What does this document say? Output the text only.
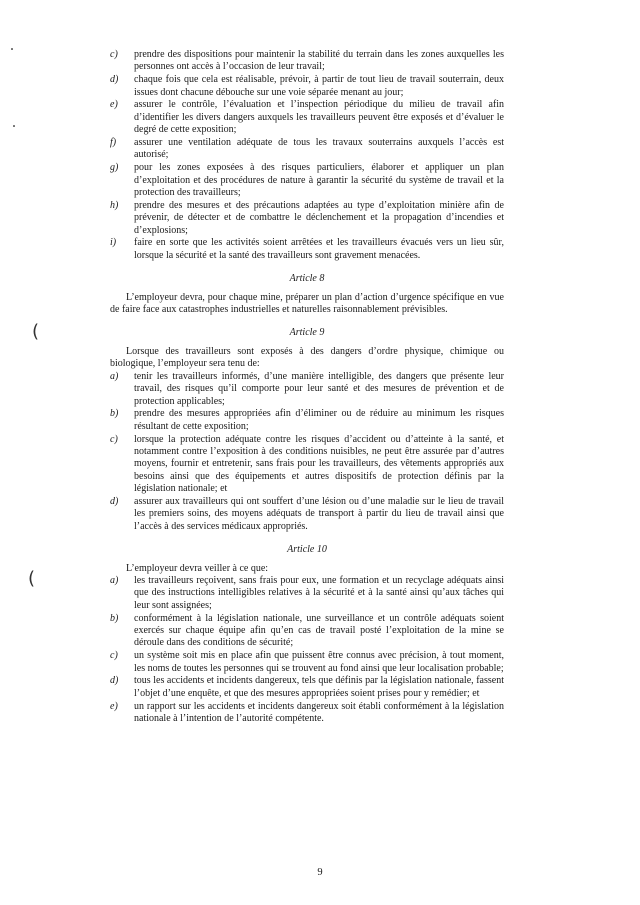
c) prendre des dispositions pour maintenir la stabilité du terrain dans les zones auxquelles les personnes ont accès à l’occasion de leur travail;
d) chaque fois que cela est réalisable, prévoir, à partir de tout lieu de travail souterrain, deux issues dont chacune débouche sur une voie séparée menant au jour;
e) assurer le contrôle, l’évaluation et l’inspection périodique du milieu de travail afin d’identifier les divers dangers auxquels les travailleurs peuvent être exposés et d’évaluer le degré de cette exposition;
f) assurer une ventilation adéquate de tous les travaux souterrains auxquels l’accès est autorisé;
g) pour les zones exposées à des risques particuliers, élaborer et appliquer un plan d’exploitation et des procédures de nature à garantir la sécurité du système de travail et la protection des travailleurs;
h) prendre des mesures et des précautions adaptées au type d’exploitation minière afin de prévenir, de détecter et de combattre le déclenchement et la propagation d’incendies et d’explosions;
i) faire en sorte que les activités soient arrêtées et les travailleurs évacués vers un lieu sûr, lorsque la sécurité et la santé des travailleurs sont gravement menacées.
Article 8

L’employeur devra, pour chaque mine, préparer un plan d’action d’urgence spécifique en vue de faire face aux catastrophes industrielles et naturelles raisonnablement prévisibles.

Article 9

Lorsque des travailleurs sont exposés à des dangers d’ordre physique, chimique ou biologique, l’employeur sera tenu de:

a) tenir les travailleurs informés, d’une manière intelligible, des dangers que présente leur travail, des risques qu’il comporte pour leur santé et des mesures de prévention et de protection applicables;
b) prendre des mesures appropriées afin d’éliminer ou de réduire au minimum les risques résultant de cette exposition;
c) lorsque la protection adéquate contre les risques d’accident ou d’atteinte à la santé, et notamment contre l’exposition à des conditions nuisibles, ne peut être assurée par d’autres moyens, fournir et entretenir, sans frais pour les travailleurs, des vêtements appropriés aux besoins ainsi que des équipements et autres dispositifs de protection définis par la législation nationale; et
d) assurer aux travailleurs qui ont souffert d’une lésion ou d’une maladie sur le lieu de travail les premiers soins, des moyens adéquats de transport à partir du lieu de travail ainsi que l’accès à des services médicaux appropriés.
Article 10

L’employeur devra veiller à ce que:

a) les travailleurs reçoivent, sans frais pour eux, une formation et un recyclage adéquats ainsi que des instructions intelligibles relatives à la sécurité et à la santé ainsi qu’aux tâches qui leur sont assignées;
b) conformément à la législation nationale, une surveillance et un contrôle adéquats soient exercés sur chaque équipe afin qu’en cas de travail posté l’exploitation de la mine se déroule dans des conditions de sécurité;
c) un système soit mis en place afin que puissent être connus avec précision, à tout moment, les noms de toutes les personnes qui se trouvent au fond ainsi que leur localisation probable;
d) tous les accidents et incidents dangereux, tels que définis par la législation nationale, fassent l’objet d’une enquête, et que des mesures appropriées soient prises pour y remédier; et
e) un rapport sur les accidents et incidents dangereux soit établi conformément à la législation nationale à l’intention de l’autorité compétente.
(
(
9
